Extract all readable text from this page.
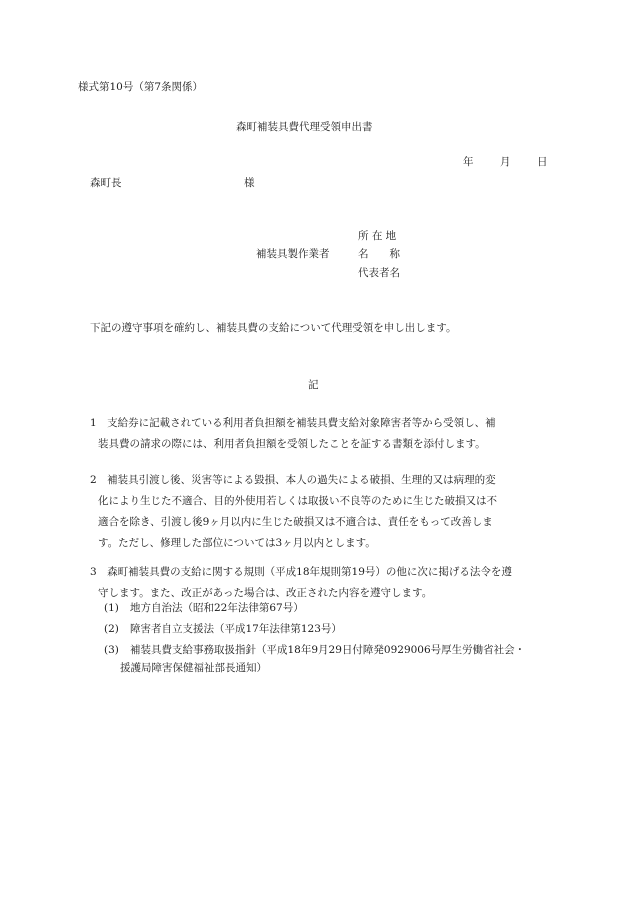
様式第10号（第7条関係）
森町補装具費代理受領申出書
年	月	日
森町長	様
所 在 地
補装具製作業者	名　　称
代表者名
下記の遵守事項を確約し、補装具費の支給について代理受領を申し出します。
記
1　支給券に記載されている利用者負担額を補装具費支給対象障害者等から受領し、補
装具費の請求の際には、利用者負担額を受領したことを証する書類を添付します。
2　補装具引渡し後、災害等による毀損、本人の過失による破損、生理的又は病理的変
化により生じた不適合、目的外使用若しくは取扱い不良等のために生じた破損又は不
適合を除き、引渡し後9ヶ月以内に生じた破損又は不適合は、責任をもって改善しま
す。ただし、修理した部位については3ヶ月以内とします。
3　森町補装具費の支給に関する規則（平成18年規則第19号）の他に次に掲げる法令を遵
守します。また、改正があった場合は、改正された内容を遵守します。
(1) 地方自治法（昭和22年法律第67号）
(2) 障害者自立支援法（平成17年法律第123号）
(3) 補装具費支給事務取扱指針（平成18年9月29日付障発0929006号厚生労働省社会・
援護局障害保健福祉部長通知）
